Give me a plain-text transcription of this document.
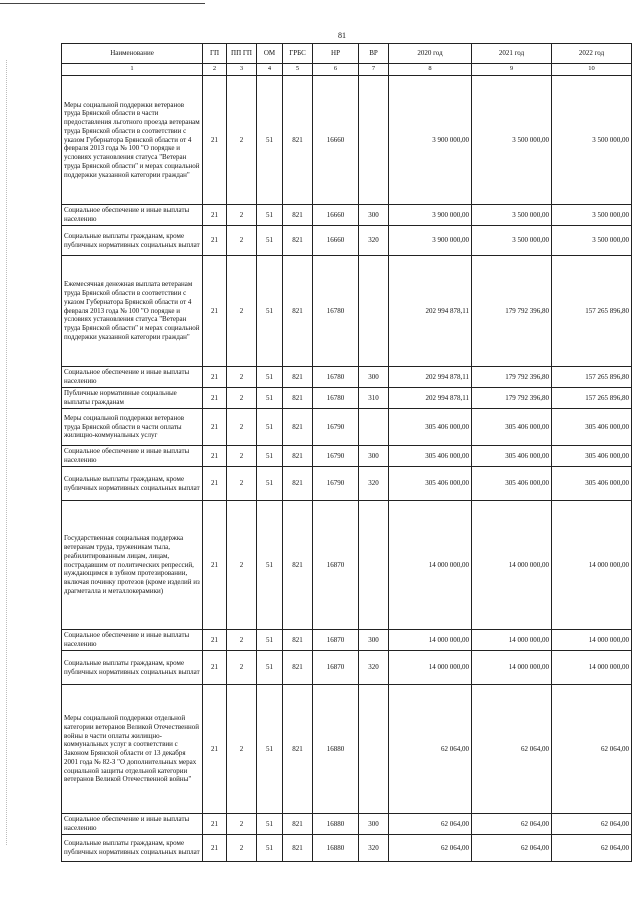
81
Наименование	ГП	ПП ГП	ОМ	ГРБС	НР	ВР	2020 год	2021 год	2022 год
1	2	3	4	5	6	7	8	9	10
Меры социальной поддержки ветеранов труда Брянской области в части предоставления льготного проезда ветеранам труда Брянской области в соответствии с указом Губернатора Брянской области от 4 февраля 2013 года № 100 "О порядке и условиях установления статуса "Ветеран труда Брянской области" и мерах социальной поддержки указанной категории граждан"	21	2	51	821	16660		3 900 000,00	3 500 000,00	3 500 000,00
Социальное обеспечение и иные выплаты населению	21	2	51	821	16660	300	3 900 000,00	3 500 000,00	3 500 000,00
Социальные выплаты гражданам, кроме публичных нормативных социальных выплат	21	2	51	821	16660	320	3 900 000,00	3 500 000,00	3 500 000,00
Ежемесячная денежная выплата ветеранам труда Брянской области в соответствии с указом Губернатора Брянской области от 4 февраля 2013 года № 100 "О порядке и условиях установления статуса "Ветеран труда Брянской области" и мерах социальной поддержки указанной категории граждан"	21	2	51	821	16780		202 994 878,11	179 792 396,80	157 265 896,80
Социальное обеспечение и иные выплаты населению	21	2	51	821	16780	300	202 994 878,11	179 792 396,80	157 265 896,80
Публичные нормативные социальные выплаты гражданам	21	2	51	821	16780	310	202 994 878,11	179 792 396,80	157 265 896,80
Меры социальной поддержки ветеранов труда Брянской области в части оплаты жилищно-коммунальных услуг	21	2	51	821	16790		305 406 000,00	305 406 000,00	305 406 000,00
Социальное обеспечение и иные выплаты населению	21	2	51	821	16790	300	305 406 000,00	305 406 000,00	305 406 000,00
Социальные выплаты гражданам, кроме публичных нормативных социальных выплат	21	2	51	821	16790	320	305 406 000,00	305 406 000,00	305 406 000,00
Государственная социальная поддержка ветеранам труда, труженикам тыла, реабилитированным лицам, лицам, пострадавшим от политических репрессий, нуждающимся в зубном протезировании, включая починку протезов (кроме изделий из драгметалла и металлокерамики)	21	2	51	821	16870		14 000 000,00	14 000 000,00	14 000 000,00
Социальное обеспечение и иные выплаты населению	21	2	51	821	16870	300	14 000 000,00	14 000 000,00	14 000 000,00
Социальные выплаты гражданам, кроме публичных нормативных социальных выплат	21	2	51	821	16870	320	14 000 000,00	14 000 000,00	14 000 000,00
Меры социальной поддержки отдельной категории ветеранов Великой Отечественной войны в части оплаты жилищно-коммунальных услуг в соответствии с Законом Брянской области от 13 декабря 2001 года № 82-З "О дополнительных мерах социальной защиты отдельной категории ветеранов Великой Отечественной войны"	21	2	51	821	16880		62 064,00	62 064,00	62 064,00
Социальное обеспечение и иные выплаты населению	21	2	51	821	16880	300	62 064,00	62 064,00	62 064,00
Социальные выплаты гражданам, кроме публичных нормативных социальных выплат	21	2	51	821	16880	320	62 064,00	62 064,00	62 064,00
